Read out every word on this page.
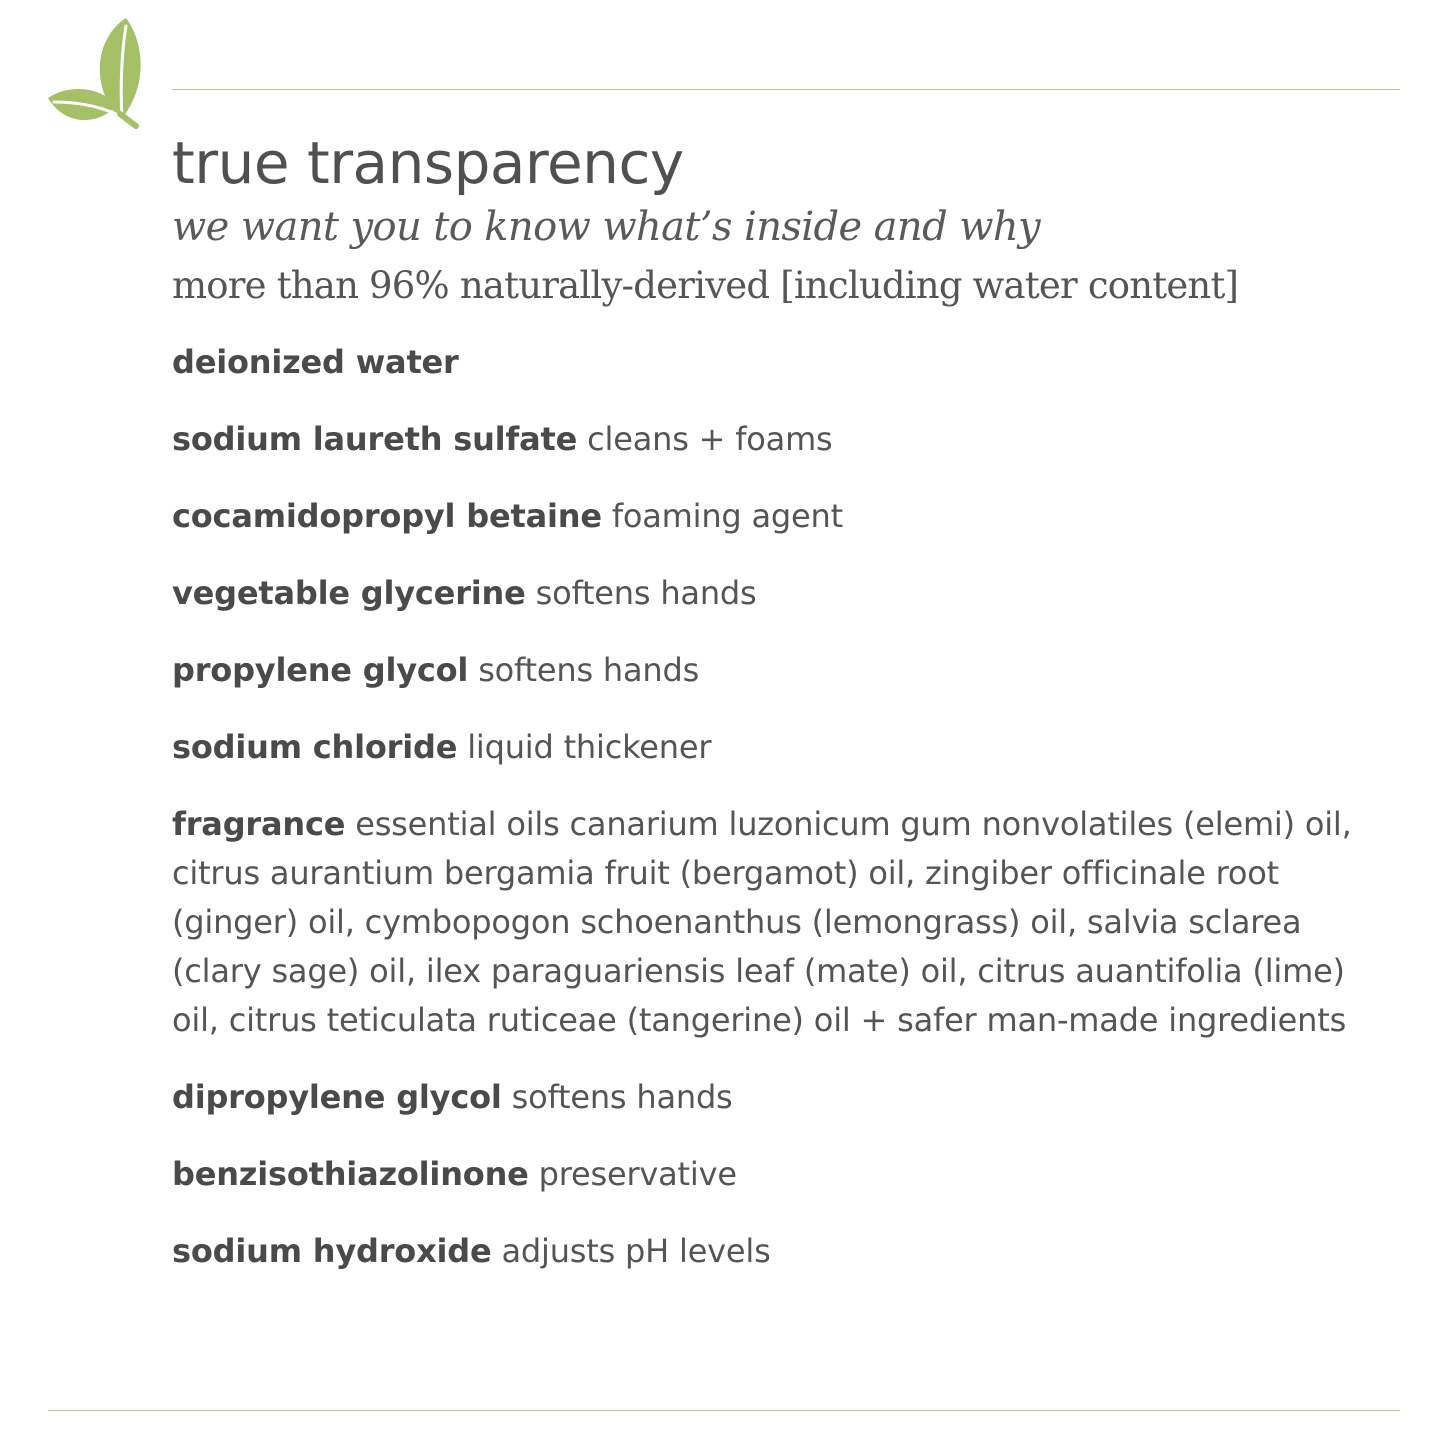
true transparency

we want you to know what’s inside and why

more than 96% naturally-derived [including water content]

deionized water
sodium laureth sulfate cleans + foams
cocamidopropyl betaine foaming agent
vegetable glycerine softens hands
propylene glycol softens hands
sodium chloride liquid thickener
fragrance essential oils canarium luzonicum gum nonvolatiles (elemi) oil, citrus aurantium bergamia fruit (bergamot) oil, zingiber officinale root (ginger) oil, cymbopogon schoenanthus (lemongrass) oil, salvia sclarea (clary sage) oil, ilex paraguariensis leaf (mate) oil, citrus auantifolia (lime) oil, citrus teticulata ruticeae (tangerine) oil + safer man-made ingredients
dipropylene glycol softens hands
benzisothiazolinone preservative
sodium hydroxide adjusts pH levels
